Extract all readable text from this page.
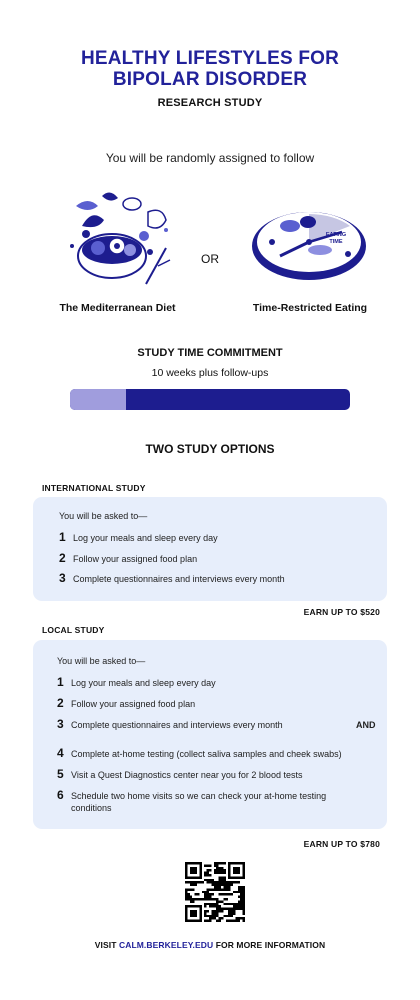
HEALTHY LIFESTYLES FOR
BIPOLAR DISORDER
RESEARCH STUDY
You will be randomly assigned to follow
OR
EATING
TIME
The Mediterranean Diet	Time-Restricted Eating
STUDY TIME COMMITMENT
10 weeks plus follow-ups
TWO STUDY OPTIONS
INTERNATIONAL STUDY
You will be asked to—
1 Log your meals and sleep every day
2 Follow your assigned food plan
3 Complete questionnaires and interviews every month
EARN UP TO $520
LOCAL STUDY
You will be asked to—
1 Log your meals and sleep every day
2 Follow your assigned food plan
3 Complete questionnaires and interviews every month	AND
4 Complete at-home testing (collect saliva samples and cheek swabs)
5 Visit a Quest Diagnostics center near you for 2 blood tests
6 Schedule two home visits so we can check your at-home testing conditions
EARN UP TO $780
VISIT CALM.BERKELEY.EDU FOR MORE INFORMATION
